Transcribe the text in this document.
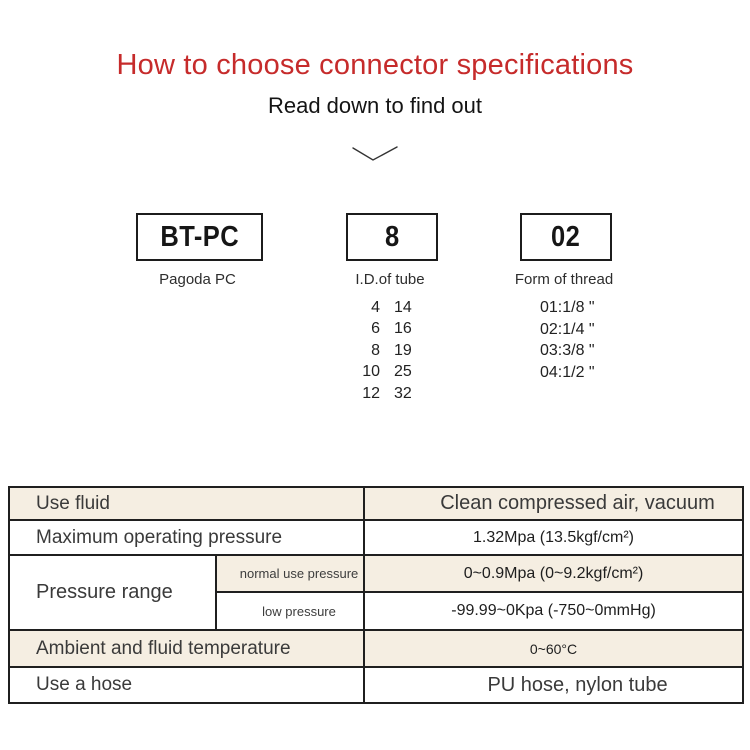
How to choose connector specifications
Read down to find out
BT-PC	8	02
Pagoda PC	I.D.of tube	Form of thread
4 14
6 16
8 19
10 25
12 32
01:1/8 "
02:1/4 "
03:3/8 "
04:1/2 "
Use fluid		Clean compressed air, vacuum
Maximum operating pressure		1.32Mpa (13.5kgf/cm²)
Pressure range	normal use pressure	0~0.9Mpa (0~9.2kgf/cm²)
	low pressure	-99.99~0Kpa (-750~0mmHg)
Ambient and fluid temperature		0~60°C
Use a hose		PU hose, nylon tube
